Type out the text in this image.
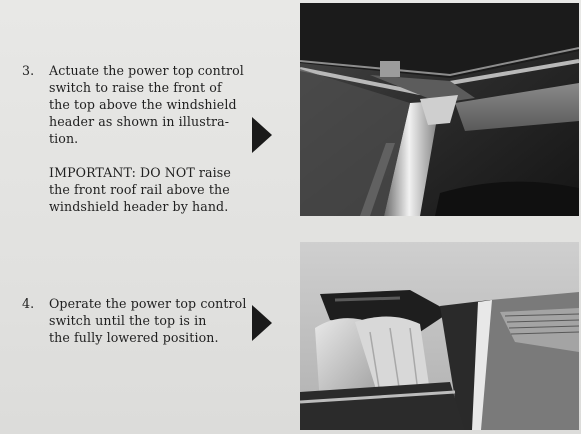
3.	Actuate the power top control
switch to raise the front of
the top above the windshield
header as shown in illustra-
tion.

IMPORTANT: DO NOT raise
the front roof rail above the
windshield header by hand.

4.	Operate the power top control
switch until the top is in
the fully lowered position.
